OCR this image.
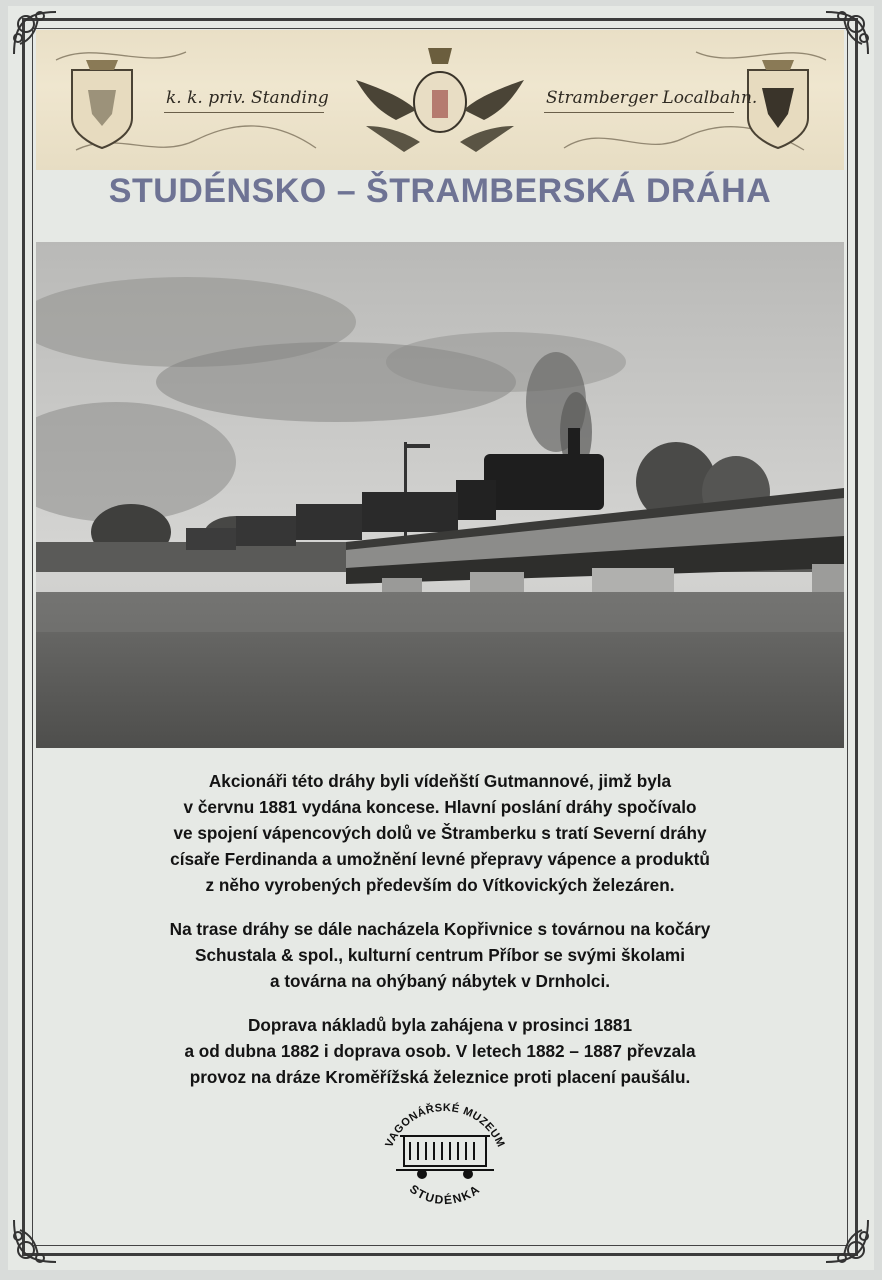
k. k. priv. Standing	Stramberger Localbahn.
STUDÉNSKO – ŠTRAMBERSKÁ DRÁHA

Akcionáři této dráhy byli vídeňští Gutmannové, jimž byla
v červnu 1881 vydána koncese. Hlavní poslání dráhy spočívalo
ve spojení vápencových dolů ve Štramberku s tratí Severní dráhy
císaře Ferdinanda a umožnění levné přepravy vápence a produktů
z něho vyrobených především do Vítkovických železáren.

Na trase dráhy se dále nacházela Kopřivnice s továrnou na kočáry
Schustala & spol., kulturní centrum Příbor se svými školami
a továrna na ohýbaný nábytek v Drnholci.

Doprava nákladů byla zahájena v prosinci 1881
a od dubna 1882 i doprava osob. V letech 1882 – 1887 převzala
provoz na dráze Kroměřížská železnice proti placení paušálu.

VAGONÁŘSKÉ MUZEUM
STUDÉNKA
